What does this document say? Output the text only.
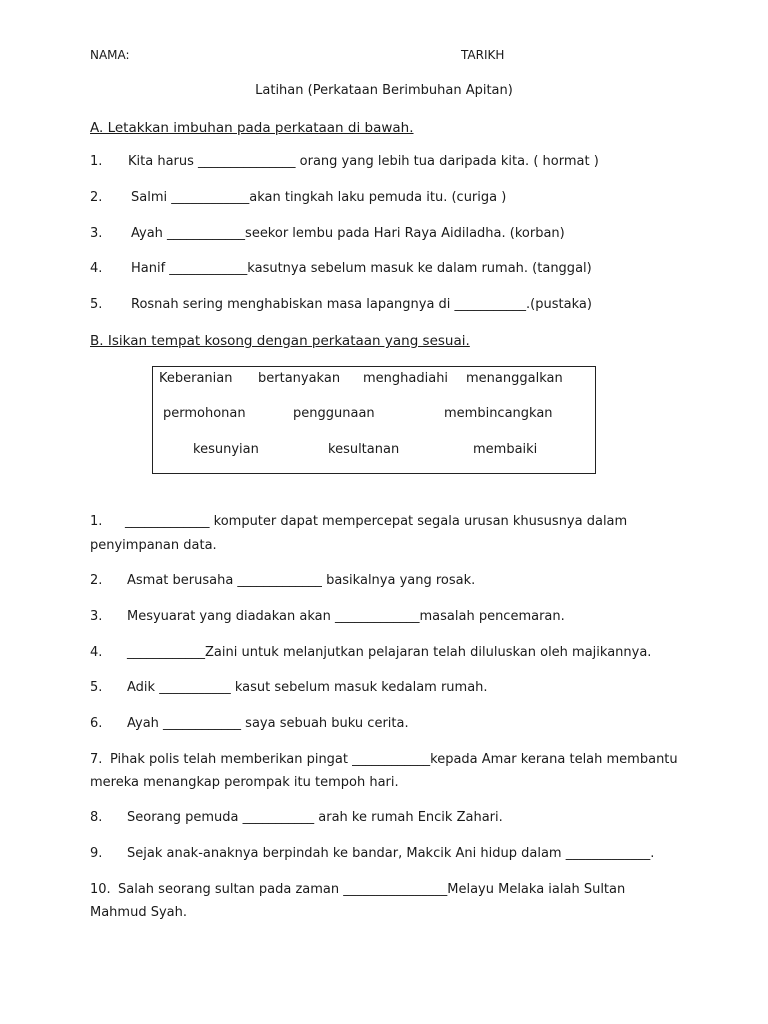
NAMA:	TARIKH
Latihan (Perkataan Berimbuhan Apitan)
A. Letakkan imbuhan pada perkataan di bawah.
1. Kita harus _______________ orang yang lebih tua daripada kita. ( hormat )
2. Salmi ____________akan tingkah laku pemuda itu. (curiga )
3. Ayah ____________seekor lembu pada Hari Raya Aidiladha. (korban)
4. Hanif ____________kasutnya sebelum masuk ke dalam rumah. (tanggal)
5. Rosnah sering menghabiskan masa lapangnya di ___________.(pustaka)
B. Isikan tempat kosong dengan perkataan yang sesuai.
Keberanian bertanyakan menghadiahi menanggalkan
permohonan	penggunaan	membincangkan
kesunyian	kesultanan	membaiki
1. _____________ komputer dapat mempercepat segala urusan khususnya dalam
penyimpanan data.
2. Asmat berusaha _____________ basikalnya yang rosak.
3. Mesyuarat yang diadakan akan _____________masalah pencemaran.
4. ____________Zaini untuk melanjutkan pelajaran telah diluluskan oleh majikannya.
5. Adik ___________ kasut sebelum masuk kedalam rumah.
6. Ayah ____________ saya sebuah buku cerita.
7. Pihak polis telah memberikan pingat ____________kepada Amar kerana telah membantu
mereka menangkap perompak itu tempoh hari.
8. Seorang pemuda ___________ arah ke rumah Encik Zahari.
9. Sejak anak-anaknya berpindah ke bandar, Makcik Ani hidup dalam _____________.
10. Salah seorang sultan pada zaman ________________Melayu Melaka ialah Sultan
Mahmud Syah.
